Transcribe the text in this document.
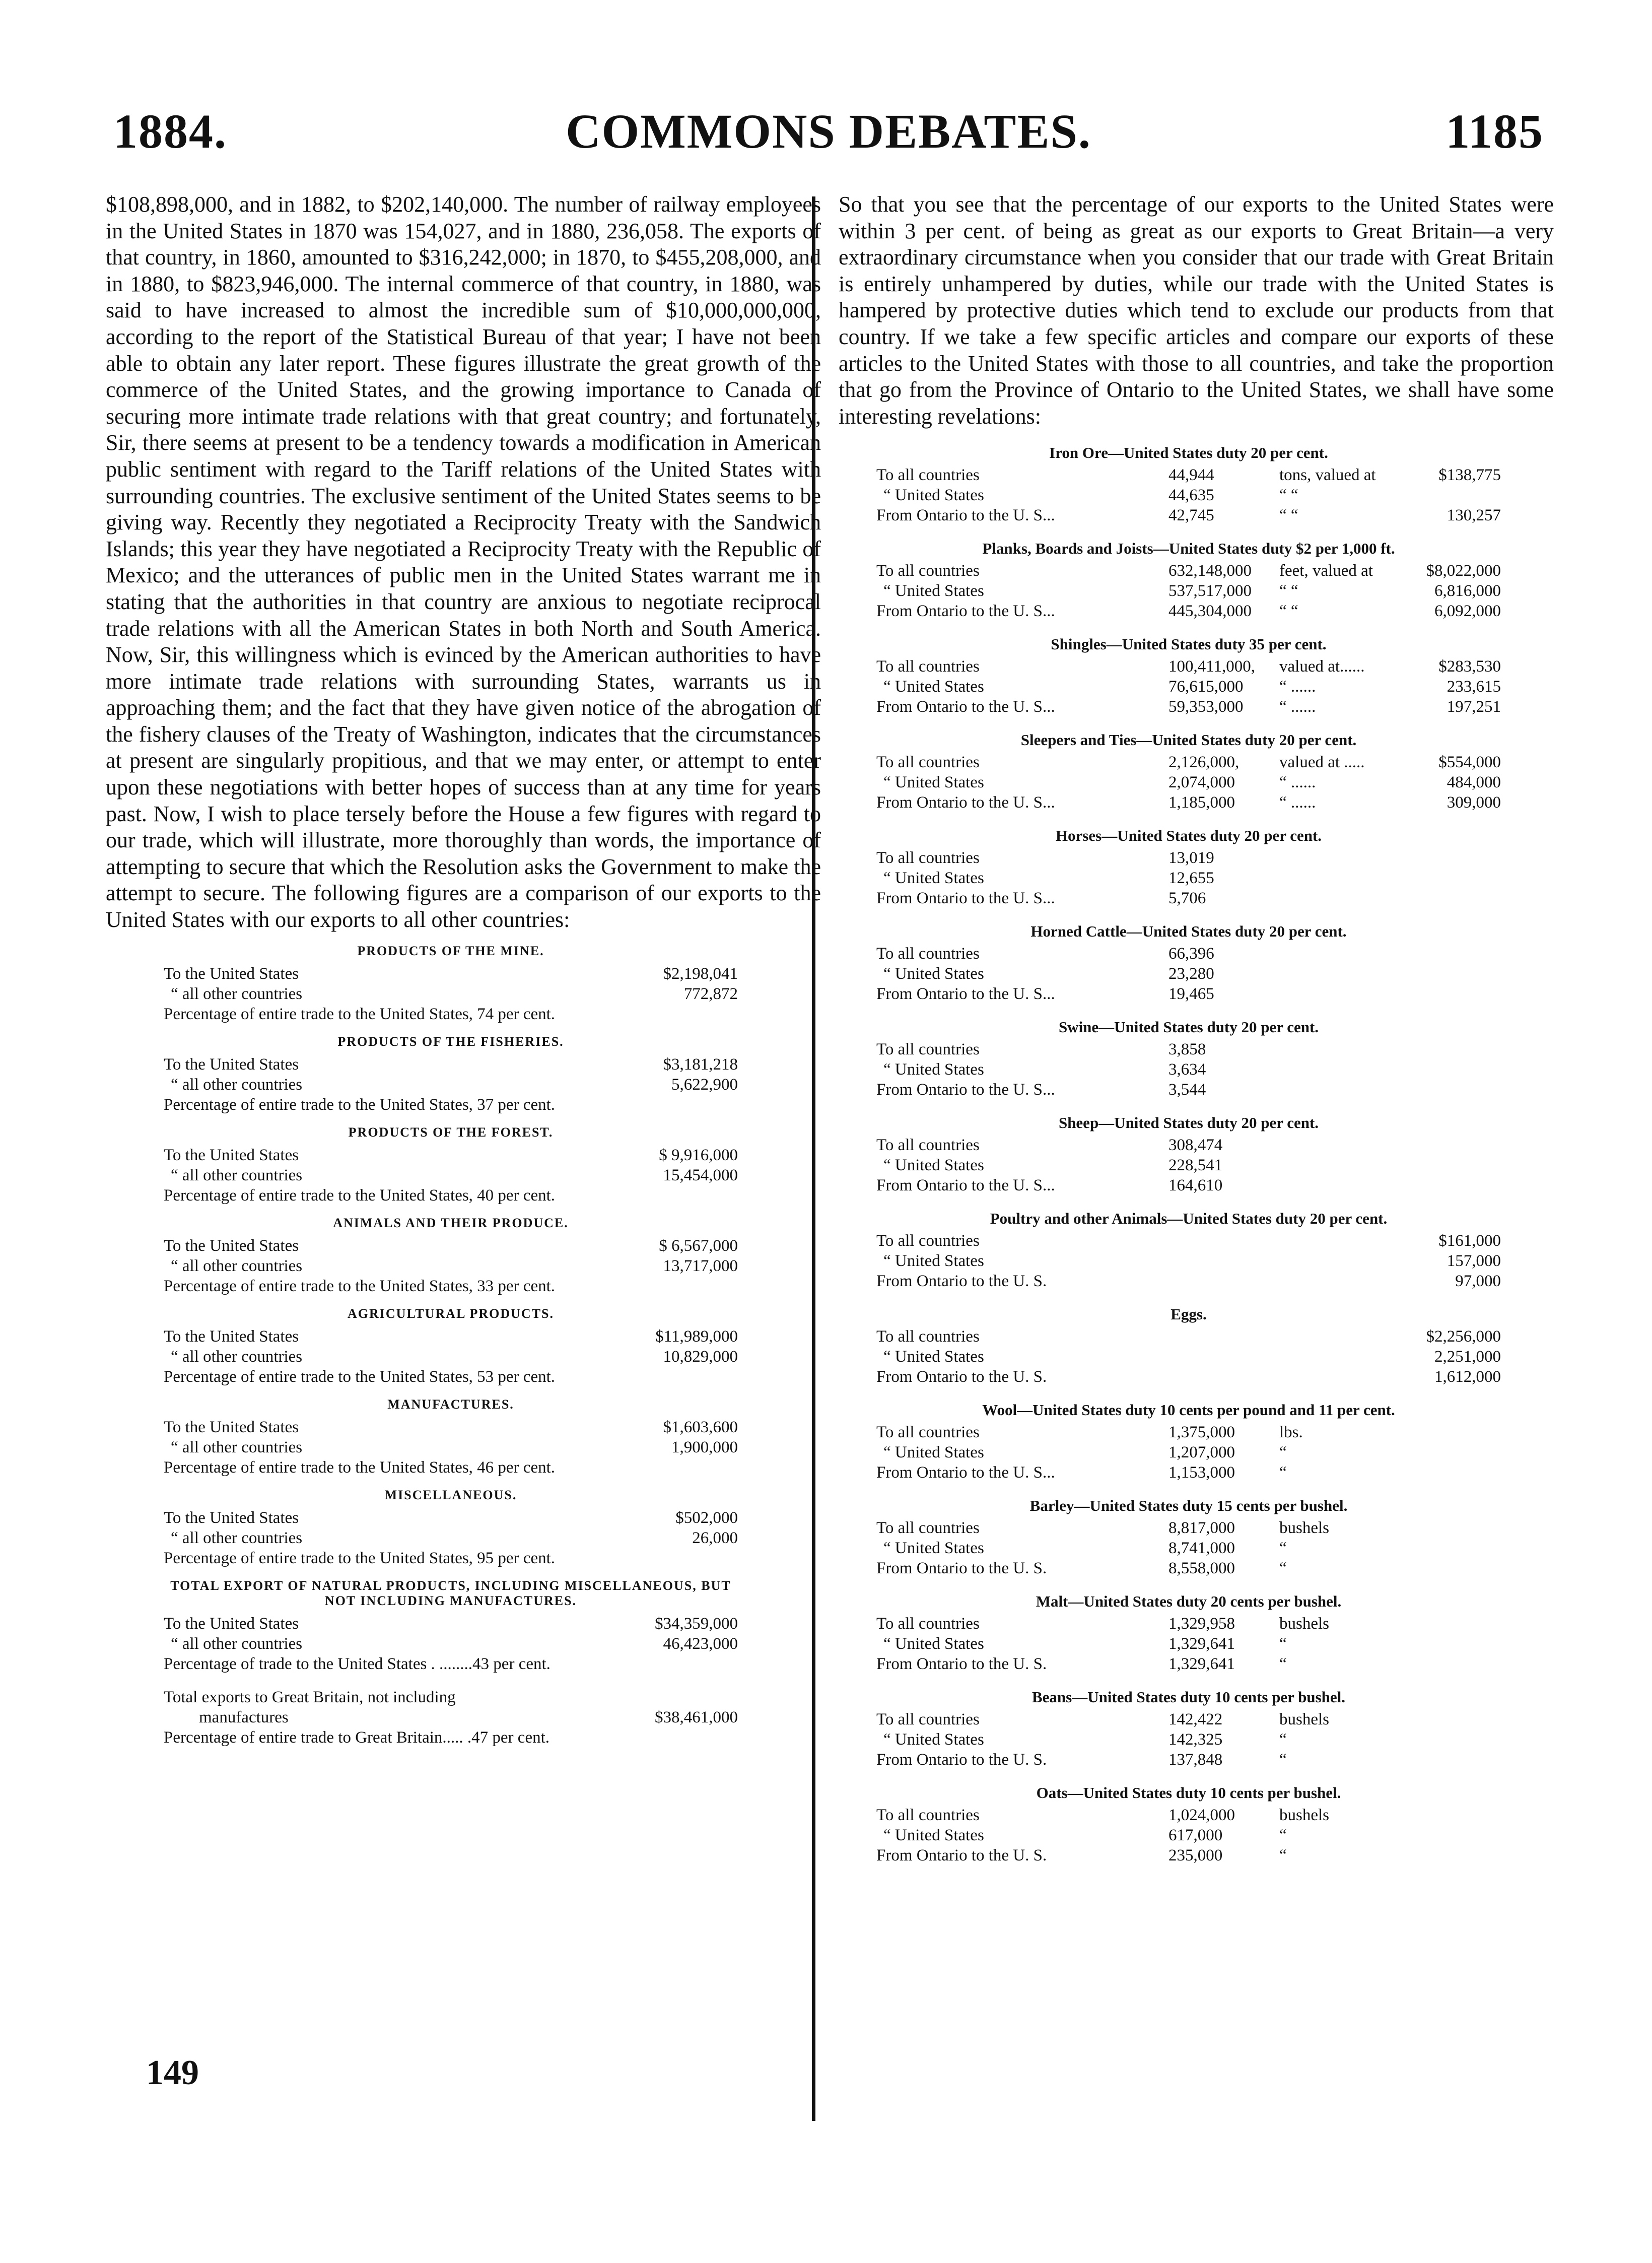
1884.	COMMONS DEBATES.	1185

$108,898,000, and in 1882, to $202,140,000. The number of railway employees in the United States in 1870 was 154,027, and in 1880, 236,058. The exports of that country, in 1860, amounted to $316,242,000; in 1870, to $455,208,000, and in 1880, to $823,946,000. The internal commerce of that country, in 1880, was said to have increased to almost the incredible sum of $10,000,000,000, according to the report of the Statistical Bureau of that year; I have not been able to obtain any later report. These figures illustrate the great growth of the commerce of the United States, and the growing importance to Canada of securing more intimate trade relations with that great country; and fortunately, Sir, there seems at present to be a tendency towards a modification in American public sentiment with regard to the Tariff relations of the United States with surrounding countries. The exclusive sentiment of the United States seems to be giving way. Recently they negotiated a Reciprocity Treaty with the Sandwich Islands; this year they have negotiated a Reciprocity Treaty with the Republic of Mexico; and the utterances of public men in the United States warrant me in stating that the authorities in that country are anxious to negotiate reciprocal trade relations with all the American States in both North and South America. Now, Sir, this willingness which is evinced by the American authorities to have more intimate trade relations with surrounding States, warrants us in approaching them; and the fact that they have given notice of the abrogation of the fishery clauses of the Treaty of Washington, indicates that the circumstances at present are singularly propitious, and that we may enter, or attempt to enter upon these negotiations with better hopes of success than at any time for years past. Now, I wish to place tersely before the House a few figures with regard to our trade, which will illustrate, more thoroughly than words, the importance of attempting to secure that which the Resolution asks the Government to make the attempt to secure. The following figures are a comparison of our exports to the United States with our exports to all other countries:

PRODUCTS OF THE MINE.
To the United States	$2,198,041
“ all other countries	772,872
Percentage of entire trade to the United States, 74 per cent.
PRODUCTS OF THE FISHERIES.
To the United States	$3,181,218
“ all other countries	5,622,900
Percentage of entire trade to the United States, 37 per cent.
PRODUCTS OF THE FOREST.
To the United States	$ 9,916,000
“ all other countries	15,454,000
Percentage of entire trade to the United States, 40 per cent.
ANIMALS AND THEIR PRODUCE.
To the United States	$ 6,567,000
“ all other countries	13,717,000
Percentage of entire trade to the United States, 33 per cent.
AGRICULTURAL PRODUCTS.
To the United States	$11,989,000
“ all other countries	10,829,000
Percentage of entire trade to the United States, 53 per cent.
MANUFACTURES.
To the United States	$1,603,600
“ all other countries	1,900,000
Percentage of entire trade to the United States, 46 per cent.
MISCELLANEOUS.
To the United States	$502,000
“ all other countries	26,000
Percentage of entire trade to the United States, 95 per cent.
TOTAL EXPORT OF NATURAL PRODUCTS, INCLUDING MISCELLANEOUS, BUT NOT INCLUDING MANUFACTURES.
To the United States	$34,359,000
“ all other countries	46,423,000
Percentage of trade to the United States . ........43 per cent.
Total exports to Great Britain, not including
manufactures	$38,461,000
Percentage of entire trade to Great Britain..... .47 per cent.
149

So that you see that the percentage of our exports to the United States were within 3 per cent. of being as great as our exports to Great Britain—a very extraordinary circumstance when you consider that our trade with Great Britain is entirely unhampered by duties, while our trade with the United States is hampered by protective duties which tend to exclude our products from that country. If we take a few specific articles and compare our exports of these articles to the United States with those to all countries, and take the proportion that go from the Province of Ontario to the United States, we shall have some interesting revelations:

Iron Ore—United States duty 20 per cent.
To all countries	44,944	tons, valued at	$138,775
“ United States	44,635	“ “
From Ontario to the U. S...	42,745	“ “	130,257
Planks, Boards and Joists—United States duty $2 per 1,000 ft.
To all countries	632,148,000 feet, valued at	$8,022,000
“ United States	537,517,000 “ “	6,816,000
From Ontario to the U. S...	445,304,000 “ “	6,092,000
Shingles—United States duty 35 per cent.
To all countries	100,411,000, valued at......	$283,530
“ United States	76,615,000 “ ......	233,615
From Ontario to the U. S...	59,353,000 “ ......	197,251
Sleepers and Ties—United States duty 20 per cent.
To all countries	2,126,000, valued at .....	$554,000
“ United States	2,074,000	“ ......	484,000
From Ontario to the U. S...	1,185,000	“ ......	309,000
Horses—United States duty 20 per cent.
To all countries	13,019
“ United States	12,655
From Ontario to the U. S...	5,706
Horned Cattle—United States duty 20 per cent.
To all countries	66,396
“ United States	23,280
From Ontario to the U. S...	19,465
Swine—United States duty 20 per cent.
To all countries	3,858
“ United States	3,634
From Ontario to the U. S...	3,544
Sheep—United States duty 20 per cent.
To all countries	308,474
“ United States	228,541
From Ontario to the U. S...	164,610
Poultry and other Animals—United States duty 20 per cent.
To all countries	$161,000
“ United States	157,000
From Ontario to the U. S.	97,000
Eggs.
To all countries	$2,256,000
“ United States	2,251,000
From Ontario to the U. S.	1,612,000
Wool—United States duty 10 cents per pound and 11 per cent.
To all countries	1,375,000	lbs.
“ United States	1,207,000	“
From Ontario to the U. S...	1,153,000	“
Barley—United States duty 15 cents per bushel.
To all countries	8,817,000	bushels
“ United States	8,741,000	“
From Ontario to the U. S.	8,558,000	“
Malt—United States duty 20 cents per bushel.
To all countries	1,329,958	bushels
“ United States	1,329,641	“
From Ontario to the U. S.	1,329,641	“
Beans—United States duty 10 cents per bushel.
To all countries	142,422	bushels
“ United States	142,325	“
From Ontario to the U. S.	137,848	“
Oats—United States duty 10 cents per bushel.
To all countries	1,024,000	bushels
“ United States	617,000	“
From Ontario to the U. S.	235,000	“
